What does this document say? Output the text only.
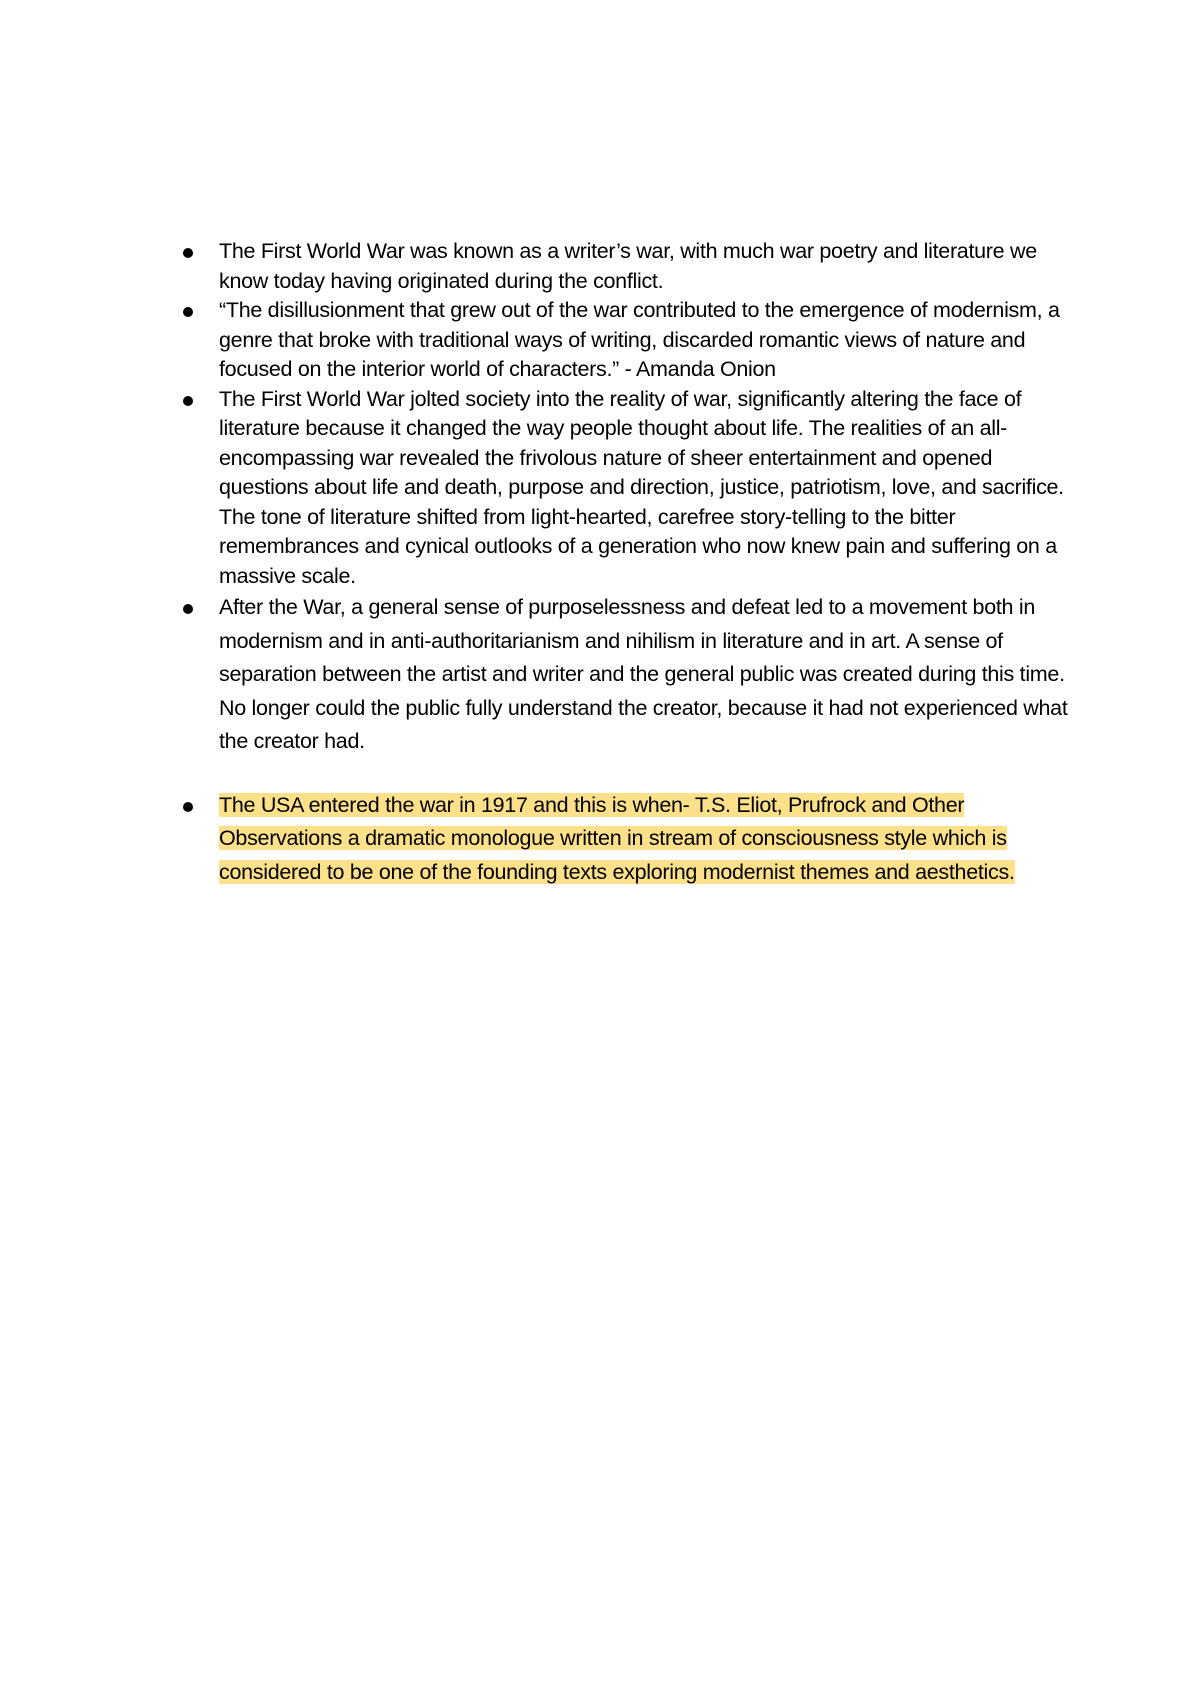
The First World War was known as a writer’s war, with much war poetry and literature we know today having originated during the conflict.
“The disillusionment that grew out of the war contributed to the emergence of modernism, a genre that broke with traditional ways of writing, discarded romantic views of nature and focused on the interior world of characters.” - Amanda Onion
The First World War jolted society into the reality of war, significantly altering the face of literature because it changed the way people thought about life. The realities of an all-encompassing war revealed the frivolous nature of sheer entertainment and opened questions about life and death, purpose and direction, justice, patriotism, love, and sacrifice. The tone of literature shifted from light-hearted, carefree story-telling to the bitter remembrances and cynical outlooks of a generation who now knew pain and suffering on a massive scale.
After the War, a general sense of purposelessness and defeat led to a movement both in modernism and in anti-authoritarianism and nihilism in literature and in art. A sense of separation between the artist and writer and the general public was created during this time. No longer could the public fully understand the creator, because it had not experienced what the creator had.
The USA entered the war in 1917 and this is when- T.S. Eliot, Prufrock and Other Observations a dramatic monologue written in stream of consciousness style which is considered to be one of the founding texts exploring modernist themes and aesthetics.
